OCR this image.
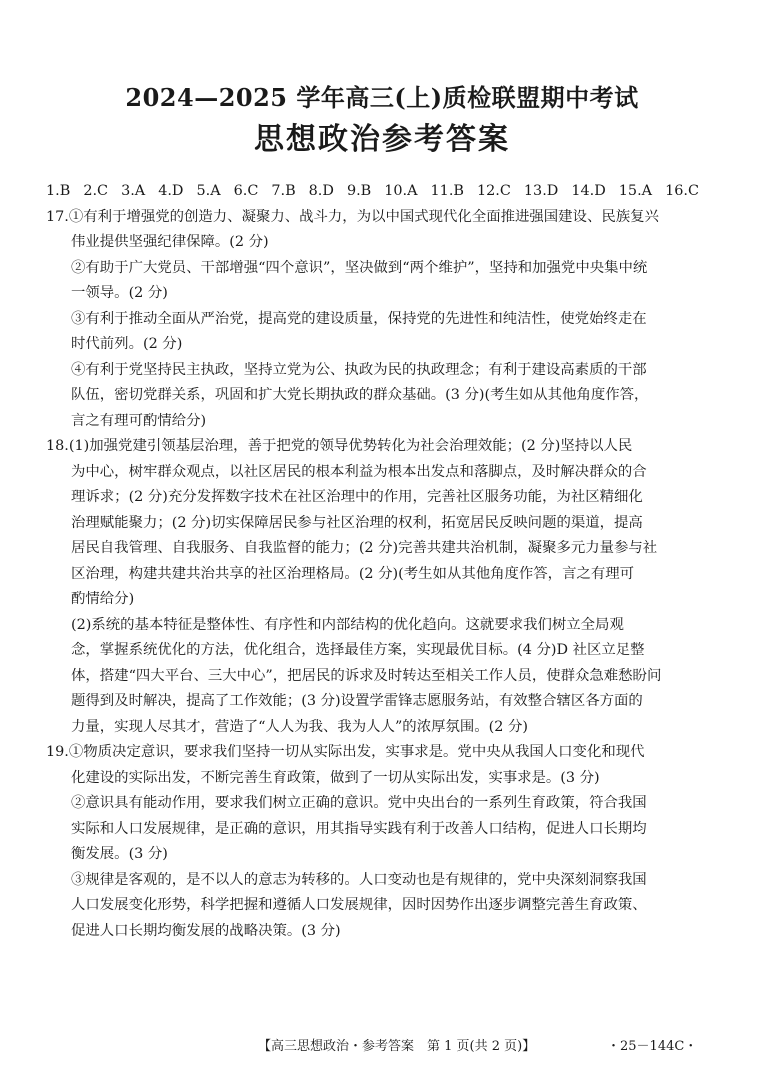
2024—2025 学年高三(上)质检联盟期中考试
思想政治参考答案
1.B 2.C 3.A 4.D 5.A 6.C 7.B 8.D 9.B 10.A 11.B 12.C 13.D 14.D 15.A 16.C
17.①有利于增强党的创造力、凝聚力、战斗力，为以中国式现代化全面推进强国建设、民族复兴
伟业提供坚强纪律保障。(2 分)
②有助于广大党员、干部增强“四个意识”，坚决做到“两个维护”，坚持和加强党中央集中统
一领导。(2 分)
③有利于推动全面从严治党，提高党的建设质量，保持党的先进性和纯洁性，使党始终走在
时代前列。(2 分)
④有利于党坚持民主执政，坚持立党为公、执政为民的执政理念；有利于建设高素质的干部
队伍，密切党群关系，巩固和扩大党长期执政的群众基础。(3 分)(考生如从其他角度作答，
言之有理可酌情给分)
18.(1)加强党建引领基层治理，善于把党的领导优势转化为社会治理效能；(2 分)坚持以人民
为中心，树牢群众观点，以社区居民的根本利益为根本出发点和落脚点，及时解决群众的合
理诉求；(2 分)充分发挥数字技术在社区治理中的作用，完善社区服务功能，为社区精细化
治理赋能聚力；(2 分)切实保障居民参与社区治理的权利，拓宽居民反映问题的渠道，提高
居民自我管理、自我服务、自我监督的能力；(2 分)完善共建共治机制，凝聚多元力量参与社
区治理，构建共建共治共享的社区治理格局。(2 分)(考生如从其他角度作答，言之有理可
酌情给分)
(2)系统的基本特征是整体性、有序性和内部结构的优化趋向。这就要求我们树立全局观
念，掌握系统优化的方法，优化组合，选择最佳方案，实现最优目标。(4 分)D 社区立足整
体，搭建“四大平台、三大中心”，把居民的诉求及时转达至相关工作人员，使群众急难愁盼问
题得到及时解决，提高了工作效能；(3 分)设置学雷锋志愿服务站，有效整合辖区各方面的
力量，实现人尽其才，营造了“人人为我、我为人人”的浓厚氛围。(2 分)
19.①物质决定意识，要求我们坚持一切从实际出发，实事求是。党中央从我国人口变化和现代
化建设的实际出发，不断完善生育政策，做到了一切从实际出发，实事求是。(3 分)
②意识具有能动作用，要求我们树立正确的意识。党中央出台的一系列生育政策，符合我国
实际和人口发展规律，是正确的意识，用其指导实践有利于改善人口结构，促进人口长期均
衡发展。(3 分)
③规律是客观的，是不以人的意志为转移的。人口变动也是有规律的，党中央深刻洞察我国
人口发展变化形势，科学把握和遵循人口发展规律，因时因势作出逐步调整完善生育政策、
促进人口长期均衡发展的战略决策。(3 分)
【高三思想政治・参考答案　第 1 页(共 2 页)】	・25－144C・
